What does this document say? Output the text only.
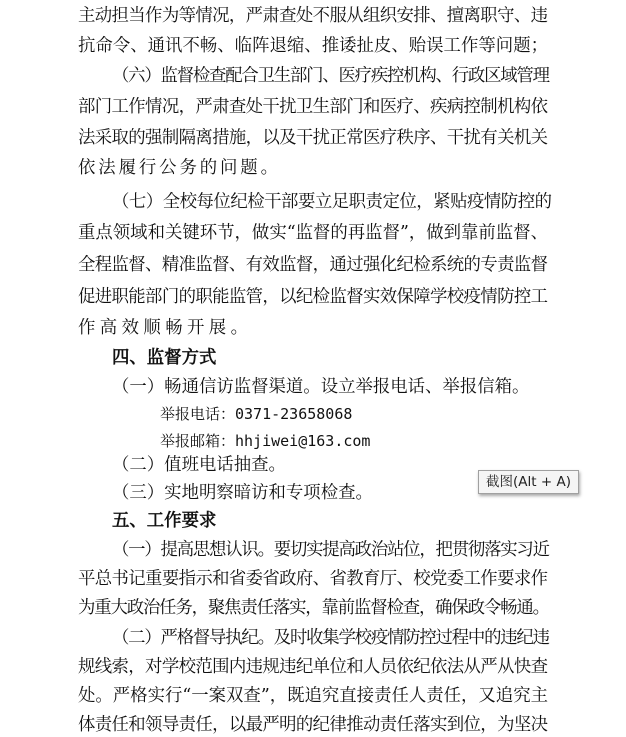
主动担当作为等情况，严肃查处不服从组织安排、擅离职守、违
抗命令、通讯不畅、临阵退缩、推诿扯皮、贻误工作等问题；
（六）监督检查配合卫生部门、医疗疾控机构、行政区域管理
部门工作情况，严肃查处干扰卫生部门和医疗、疾病控制机构依
法采取的强制隔离措施，以及干扰正常医疗秩序、干扰有关机关
依法履行公务的问题。
（七）全校每位纪检干部要立足职责定位，紧贴疫情防控的
重点领域和关键环节，做实“监督的再监督”，做到靠前监督、
全程监督、精准监督、有效监督，通过强化纪检系统的专责监督
促进职能部门的职能监管，以纪检监督实效保障学校疫情防控工
作高效顺畅开展。
四、监督方式
（一）畅通信访监督渠道。设立举报电话、举报信箱。
举报电话：0371-23658068
举报邮箱：hhjiwei@163.com
（二）值班电话抽查。
（三）实地明察暗访和专项检查。
五、工作要求
（一）提高思想认识。要切实提高政治站位，把贯彻落实习近
平总书记重要指示和省委省政府、省教育厅、校党委工作要求作
为重大政治任务，聚焦责任落实，靠前监督检查，确保政令畅通。
（二）严格督导执纪。及时收集学校疫情防控过程中的违纪违
规线索，对学校范围内违规违纪单位和人员依纪依法从严从快查
处。严格实行“一案双查”，既追究直接责任人责任，又追究主
体责任和领导责任，以最严明的纪律推动责任落实到位，为坚决
截图(Alt + A)
